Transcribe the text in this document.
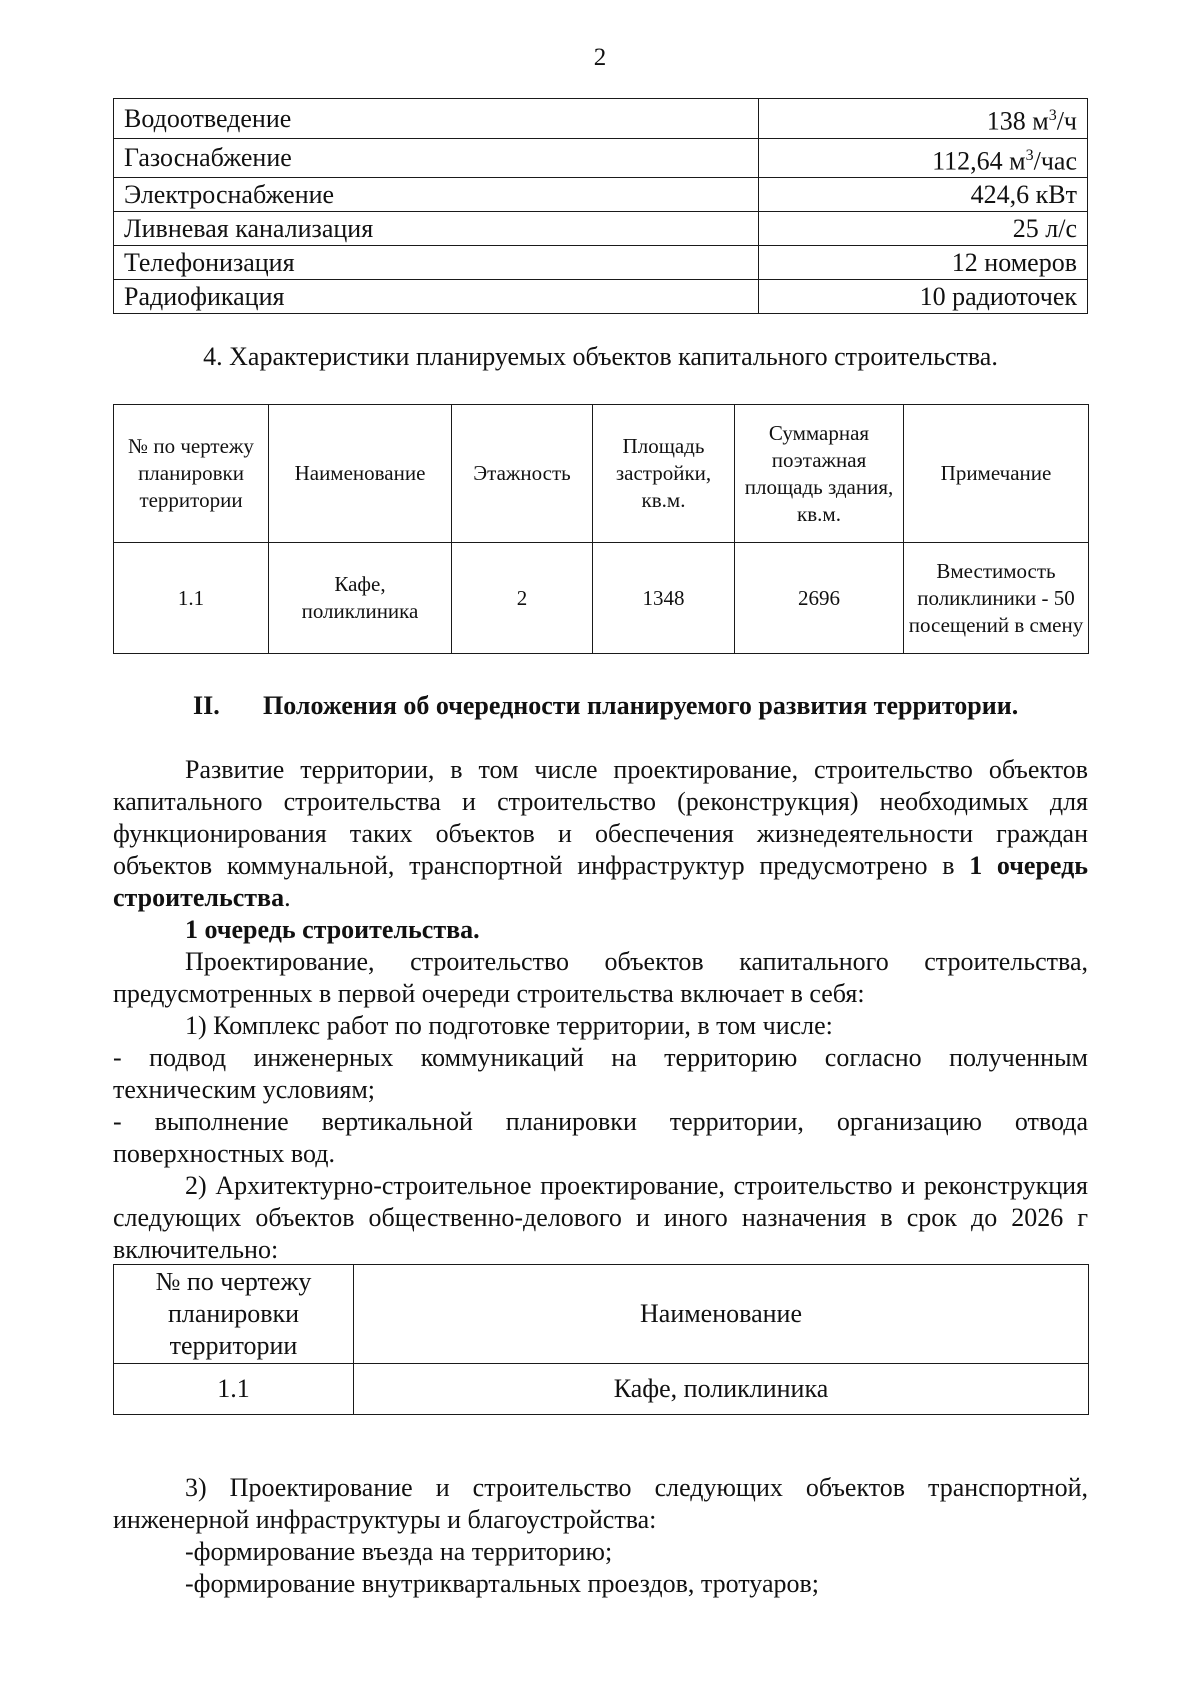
2
Водоотведение	138 $м^3/ч$
Газоснабжение	112,64 $м^3$/час
Электроснабжение	424,6 кВт
Ливневая канализация	25 л/с
Телефонизация	12 номеров
Радиофикация	10 радиоточек
4. Характеристики планируемых объектов капитального строительства.
№ по чертежу планировки территории	Наименование	Этажность	Площадь застройки, кв.м.	Суммарная поэтажная площадь здания, кв.м.	Примечание
1.1	Кафе, поликлиника	2	1348	2696	Вместимость поликлиники - 50 посещений в смену
II. Положения об очередности планируемого развития территории.
Развитие территории, в том числе проектирование, строительство объектов капитального строительства и строительство (реконструкция) необходимых для функционирования таких объектов и обеспечения жизнедеятельности граждан объектов коммунальной, транспортной инфраструктур предусмотрено в 1 очередь строительства.
1 очередь строительства.
Проектирование, строительство объектов капитального строительства, предусмотренных в первой очереди строительства включает в себя:
1) Комплекс работ по подготовке территории, в том числе:
- подвод инженерных коммуникаций на территорию согласно полученным техническим условиям;
- выполнение вертикальной планировки территории, организацию отвода поверхностных вод.
2) Архитектурно-строительное проектирование, строительство и реконструкция следующих объектов общественно-делового и иного назначения в срок до 2026 г включительно:
№ по чертежу планировки территории	Наименование
1.1	Кафе, поликлиника
3) Проектирование и строительство следующих объектов транспортной, инженерной инфраструктуры и благоустройства:
-формирование въезда на территорию;
-формирование внутриквартальных проездов, тротуаров;
